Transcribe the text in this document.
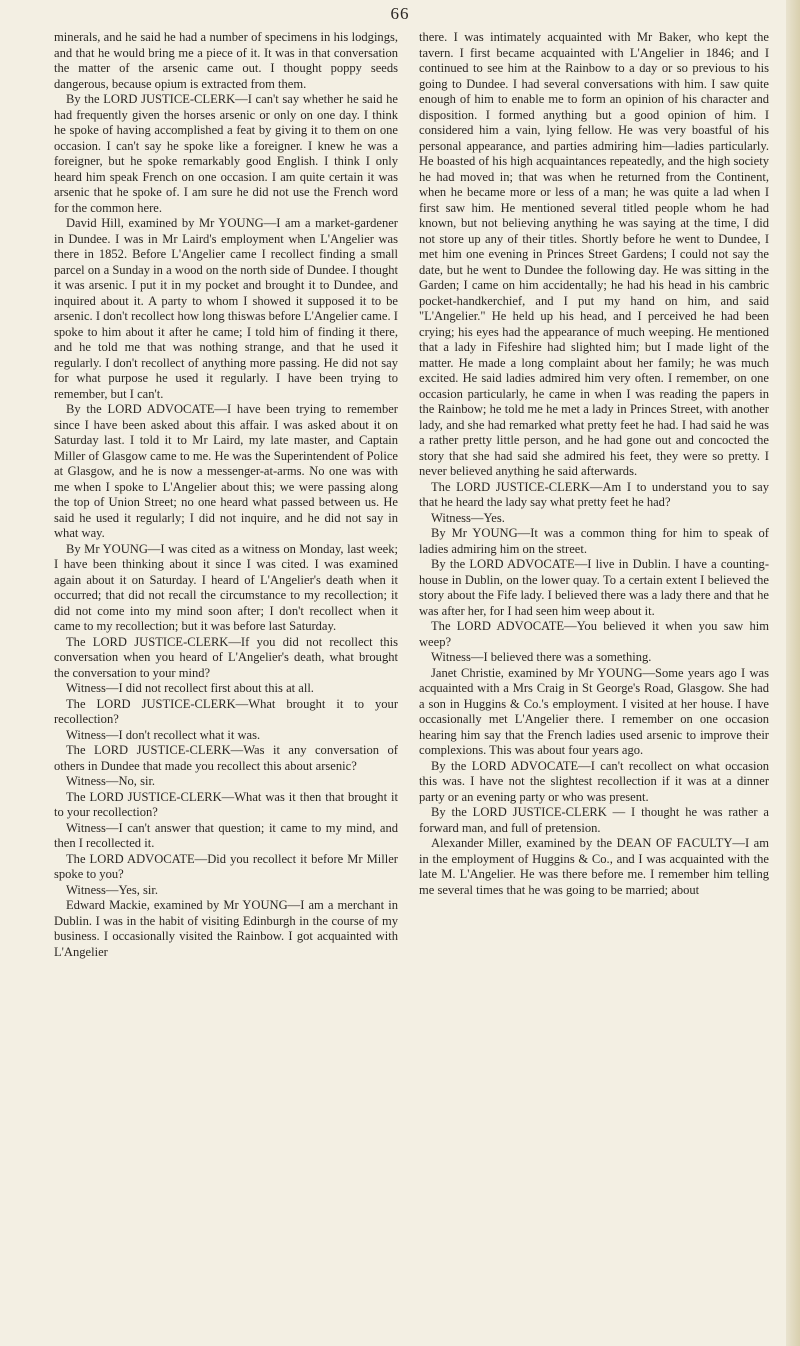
66

minerals, and he said he had a number of specimens in his lodgings, and that he would bring me a piece of it. It was in that conversation the matter of the arsenic came out. I thought poppy seeds dangerous, because opium is extracted from them.

By the LORD JUSTICE-CLERK—I can't say whether he said he had frequently given the horses arsenic or only on one day. I think he spoke of having accomplished a feat by giving it to them on one occasion. I can't say he spoke like a foreigner. I knew he was a foreigner, but he spoke remarkably good English. I think I only heard him speak French on one occasion. I am quite certain it was arsenic that he spoke of. I am sure he did not use the French word for the common here.

David Hill, examined by Mr YOUNG—I am a market-gardener in Dundee. I was in Mr Laird's employment when L'Angelier was there in 1852. Before L'Angelier came I recollect finding a small parcel on a Sunday in a wood on the north side of Dundee. I thought it was arsenic. I put it in my pocket and brought it to Dundee, and inquired about it. A party to whom I showed it supposed it to be arsenic. I don't recollect how long thiswas before L'Angelier came. I spoke to him about it after he came; I told him of finding it there, and he told me that was nothing strange, and that he used it regularly. I don't recollect of anything more passing. He did not say for what purpose he used it regularly. I have been trying to remember, but I can't.

By the LORD ADVOCATE—I have been trying to remember since I have been asked about this affair. I was asked about it on Saturday last. I told it to Mr Laird, my late master, and Captain Miller of Glasgow came to me. He was the Superintendent of Police at Glasgow, and he is now a messenger-at-arms. No one was with me when I spoke to L'Angelier about this; we were passing along the top of Union Street; no one heard what passed between us. He said he used it regularly; I did not inquire, and he did not say in what way.

By Mr YOUNG—I was cited as a witness on Monday, last week; I have been thinking about it since I was cited. I was examined again about it on Saturday. I heard of L'Angelier's death when it occurred; that did not recall the circumstance to my recollection; it did not come into my mind soon after; I don't recollect when it came to my recollection; but it was before last Saturday.

The LORD JUSTICE-CLERK—If you did not recollect this conversation when you heard of L'Angelier's death, what brought the conversation to your mind?

Witness—I did not recollect first about this at all.

The LORD JUSTICE-CLERK—What brought it to your recollection?

Witness—I don't recollect what it was.

The LORD JUSTICE-CLERK—Was it any conversation of others in Dundee that made you recollect this about arsenic?

Witness—No, sir.

The LORD JUSTICE-CLERK—What was it then that brought it to your recollection?

Witness—I can't answer that question; it came to my mind, and then I recollected it.

The LORD ADVOCATE—Did you recollect it before Mr Miller spoke to you?

Witness—Yes, sir.

Edward Mackie, examined by Mr YOUNG—I am a merchant in Dublin. I was in the habit of visiting Edinburgh in the course of my business. I occasionally visited the Rainbow. I got acquainted with L'Angelier

there. I was intimately acquainted with Mr Baker, who kept the tavern. I first became acquainted with L'Angelier in 1846; and I continued to see him at the Rainbow to a day or so previous to his going to Dundee. I had several conversations with him. I saw quite enough of him to enable me to form an opinion of his character and disposition. I formed anything but a good opinion of him. I considered him a vain, lying fellow. He was very boastful of his personal appearance, and parties admiring him—ladies particularly. He boasted of his high acquaintances repeatedly, and the high society he had moved in; that was when he returned from the Continent, when he became more or less of a man; he was quite a lad when I first saw him. He mentioned several titled people whom he had known, but not believing anything he was saying at the time, I did not store up any of their titles. Shortly before he went to Dundee, I met him one evening in Princes Street Gardens; I could not say the date, but he went to Dundee the following day. He was sitting in the Garden; I came on him accidentally; he had his head in his cambric pocket-handkerchief, and I put my hand on him, and said "L'Angelier." He held up his head, and I perceived he had been crying; his eyes had the appearance of much weeping. He mentioned that a lady in Fifeshire had slighted him; but I made light of the matter. He made a long complaint about her family; he was much excited. He said ladies admired him very often. I remember, on one occasion particularly, he came in when I was reading the papers in the Rainbow; he told me he met a lady in Princes Street, with another lady, and she had remarked what pretty feet he had. I had said he was a rather pretty little person, and he had gone out and concocted the story that she had said she admired his feet, they were so pretty. I never believed anything he said afterwards.

The LORD JUSTICE-CLERK—Am I to understand you to say that he heard the lady say what pretty feet he had?

Witness—Yes.

By Mr YOUNG—It was a common thing for him to speak of ladies admiring him on the street.

By the LORD ADVOCATE—I live in Dublin. I have a counting-house in Dublin, on the lower quay. To a certain extent I believed the story about the Fife lady. I believed there was a lady there and that he was after her, for I had seen him weep about it.

The LORD ADVOCATE—You believed it when you saw him weep?

Witness—I believed there was a something.

Janet Christie, examined by Mr YOUNG—Some years ago I was acquainted with a Mrs Craig in St George's Road, Glasgow. She had a son in Huggins & Co.'s employment. I visited at her house. I have occasionally met L'Angelier there. I remember on one occasion hearing him say that the French ladies used arsenic to improve their complexions. This was about four years ago.

By the LORD ADVOCATE—I can't recollect on what occasion this was. I have not the slightest recollection if it was at a dinner party or an evening party or who was present.

By the LORD JUSTICE-CLERK — I thought he was rather a forward man, and full of pretension.

Alexander Miller, examined by the DEAN OF FACULTY—I am in the employment of Huggins & Co., and I was acquainted with the late M. L'Angelier. He was there before me. I remember him telling me several times that he was going to be married; about
